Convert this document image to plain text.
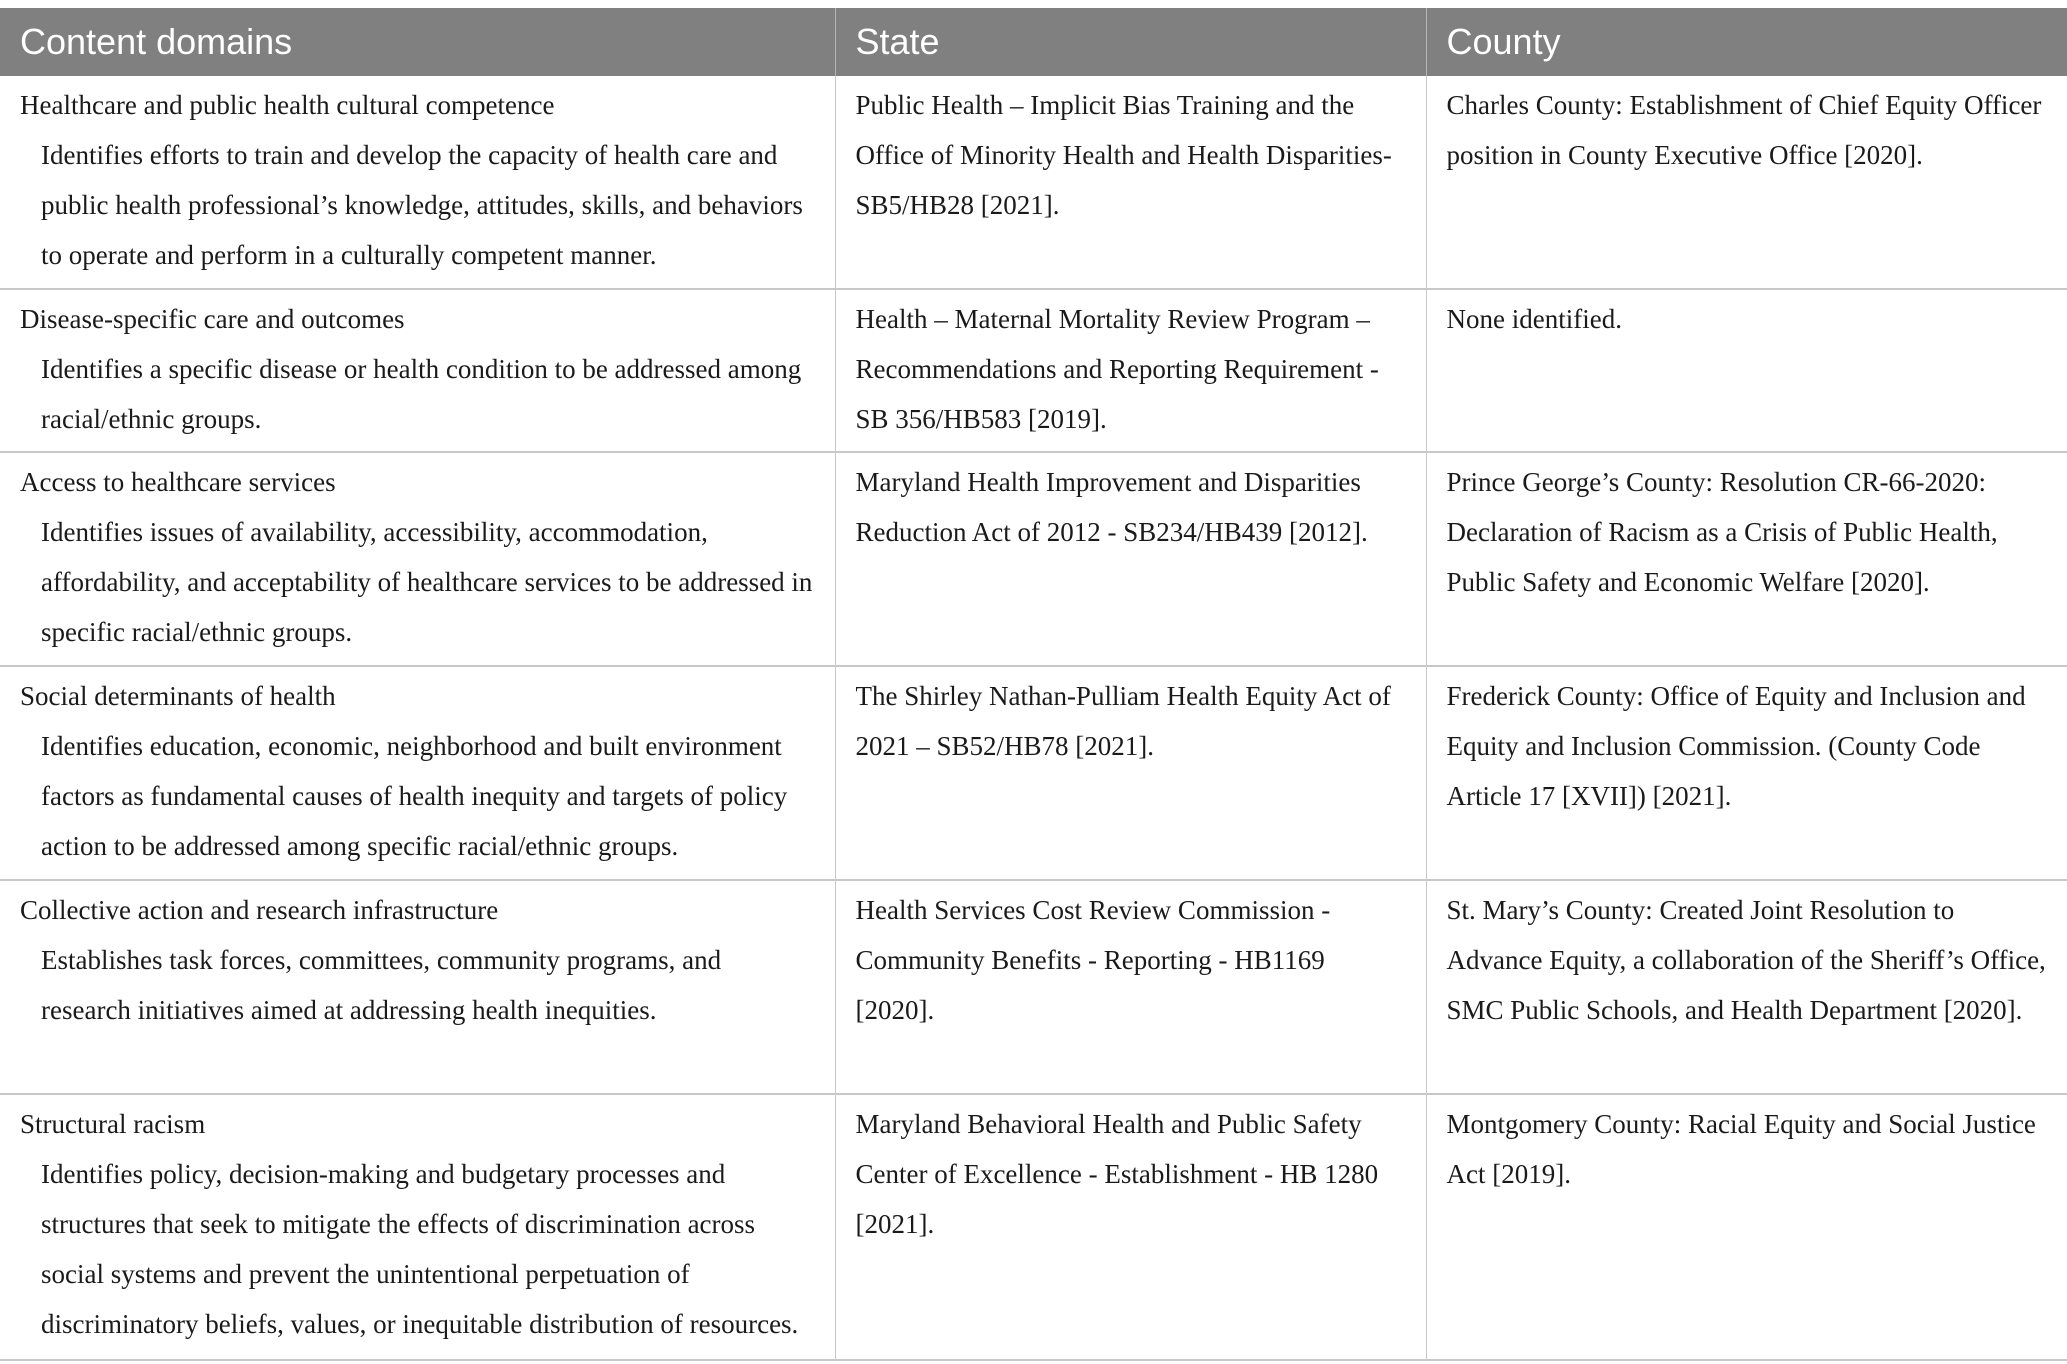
Content domains	State	County

Healthcare and public health cultural competence
Identifies efforts to train and develop the capacity of health care and public health professional’s knowledge, attitudes, skills, and behaviors to operate and perform in a culturally competent manner.	Public Health – Implicit Bias Training and the Office of Minority Health and Health Disparities-SB5/HB28 [2021].	Charles County: Establishment of Chief Equity Officer position in County Executive Office [2020].

Disease-specific care and outcomes
Identifies a specific disease or health condition to be addressed among racial/ethnic groups.	Health – Maternal Mortality Review Program – Recommendations and Reporting Requirement - SB 356/HB583 [2019].	None identified.

Access to healthcare services
Identifies issues of availability, accessibility, accommodation, affordability, and acceptability of healthcare services to be addressed in specific racial/ethnic groups.	Maryland Health Improvement and Disparities Reduction Act of 2012 - SB234/HB439 [2012].	Prince George’s County: Resolution CR-66-2020: Declaration of Racism as a Crisis of Public Health, Public Safety and Economic Welfare [2020].

Social determinants of health
Identifies education, economic, neighborhood and built environment factors as fundamental causes of health inequity and targets of policy action to be addressed among specific racial/ethnic groups.	The Shirley Nathan-Pulliam Health Equity Act of 2021 – SB52/HB78 [2021].	Frederick County: Office of Equity and Inclusion and Equity and Inclusion Commission. (County Code Article 17 [XVII]) [2021].

Collective action and research infrastructure
Establishes task forces, committees, community programs, and research initiatives aimed at addressing health inequities.	Health Services Cost Review Commission - Community Benefits - Reporting - HB1169 [2020].	St. Mary’s County: Created Joint Resolution to Advance Equity, a collaboration of the Sheriff’s Office, SMC Public Schools, and Health Department [2020].

Structural racism
Identifies policy, decision-making and budgetary processes and structures that seek to mitigate the effects of discrimination across social systems and prevent the unintentional perpetuation of discriminatory beliefs, values, or inequitable distribution of resources.	Maryland Behavioral Health and Public Safety Center of Excellence - Establishment - HB 1280 [2021].	Montgomery County: Racial Equity and Social Justice Act [2019].
